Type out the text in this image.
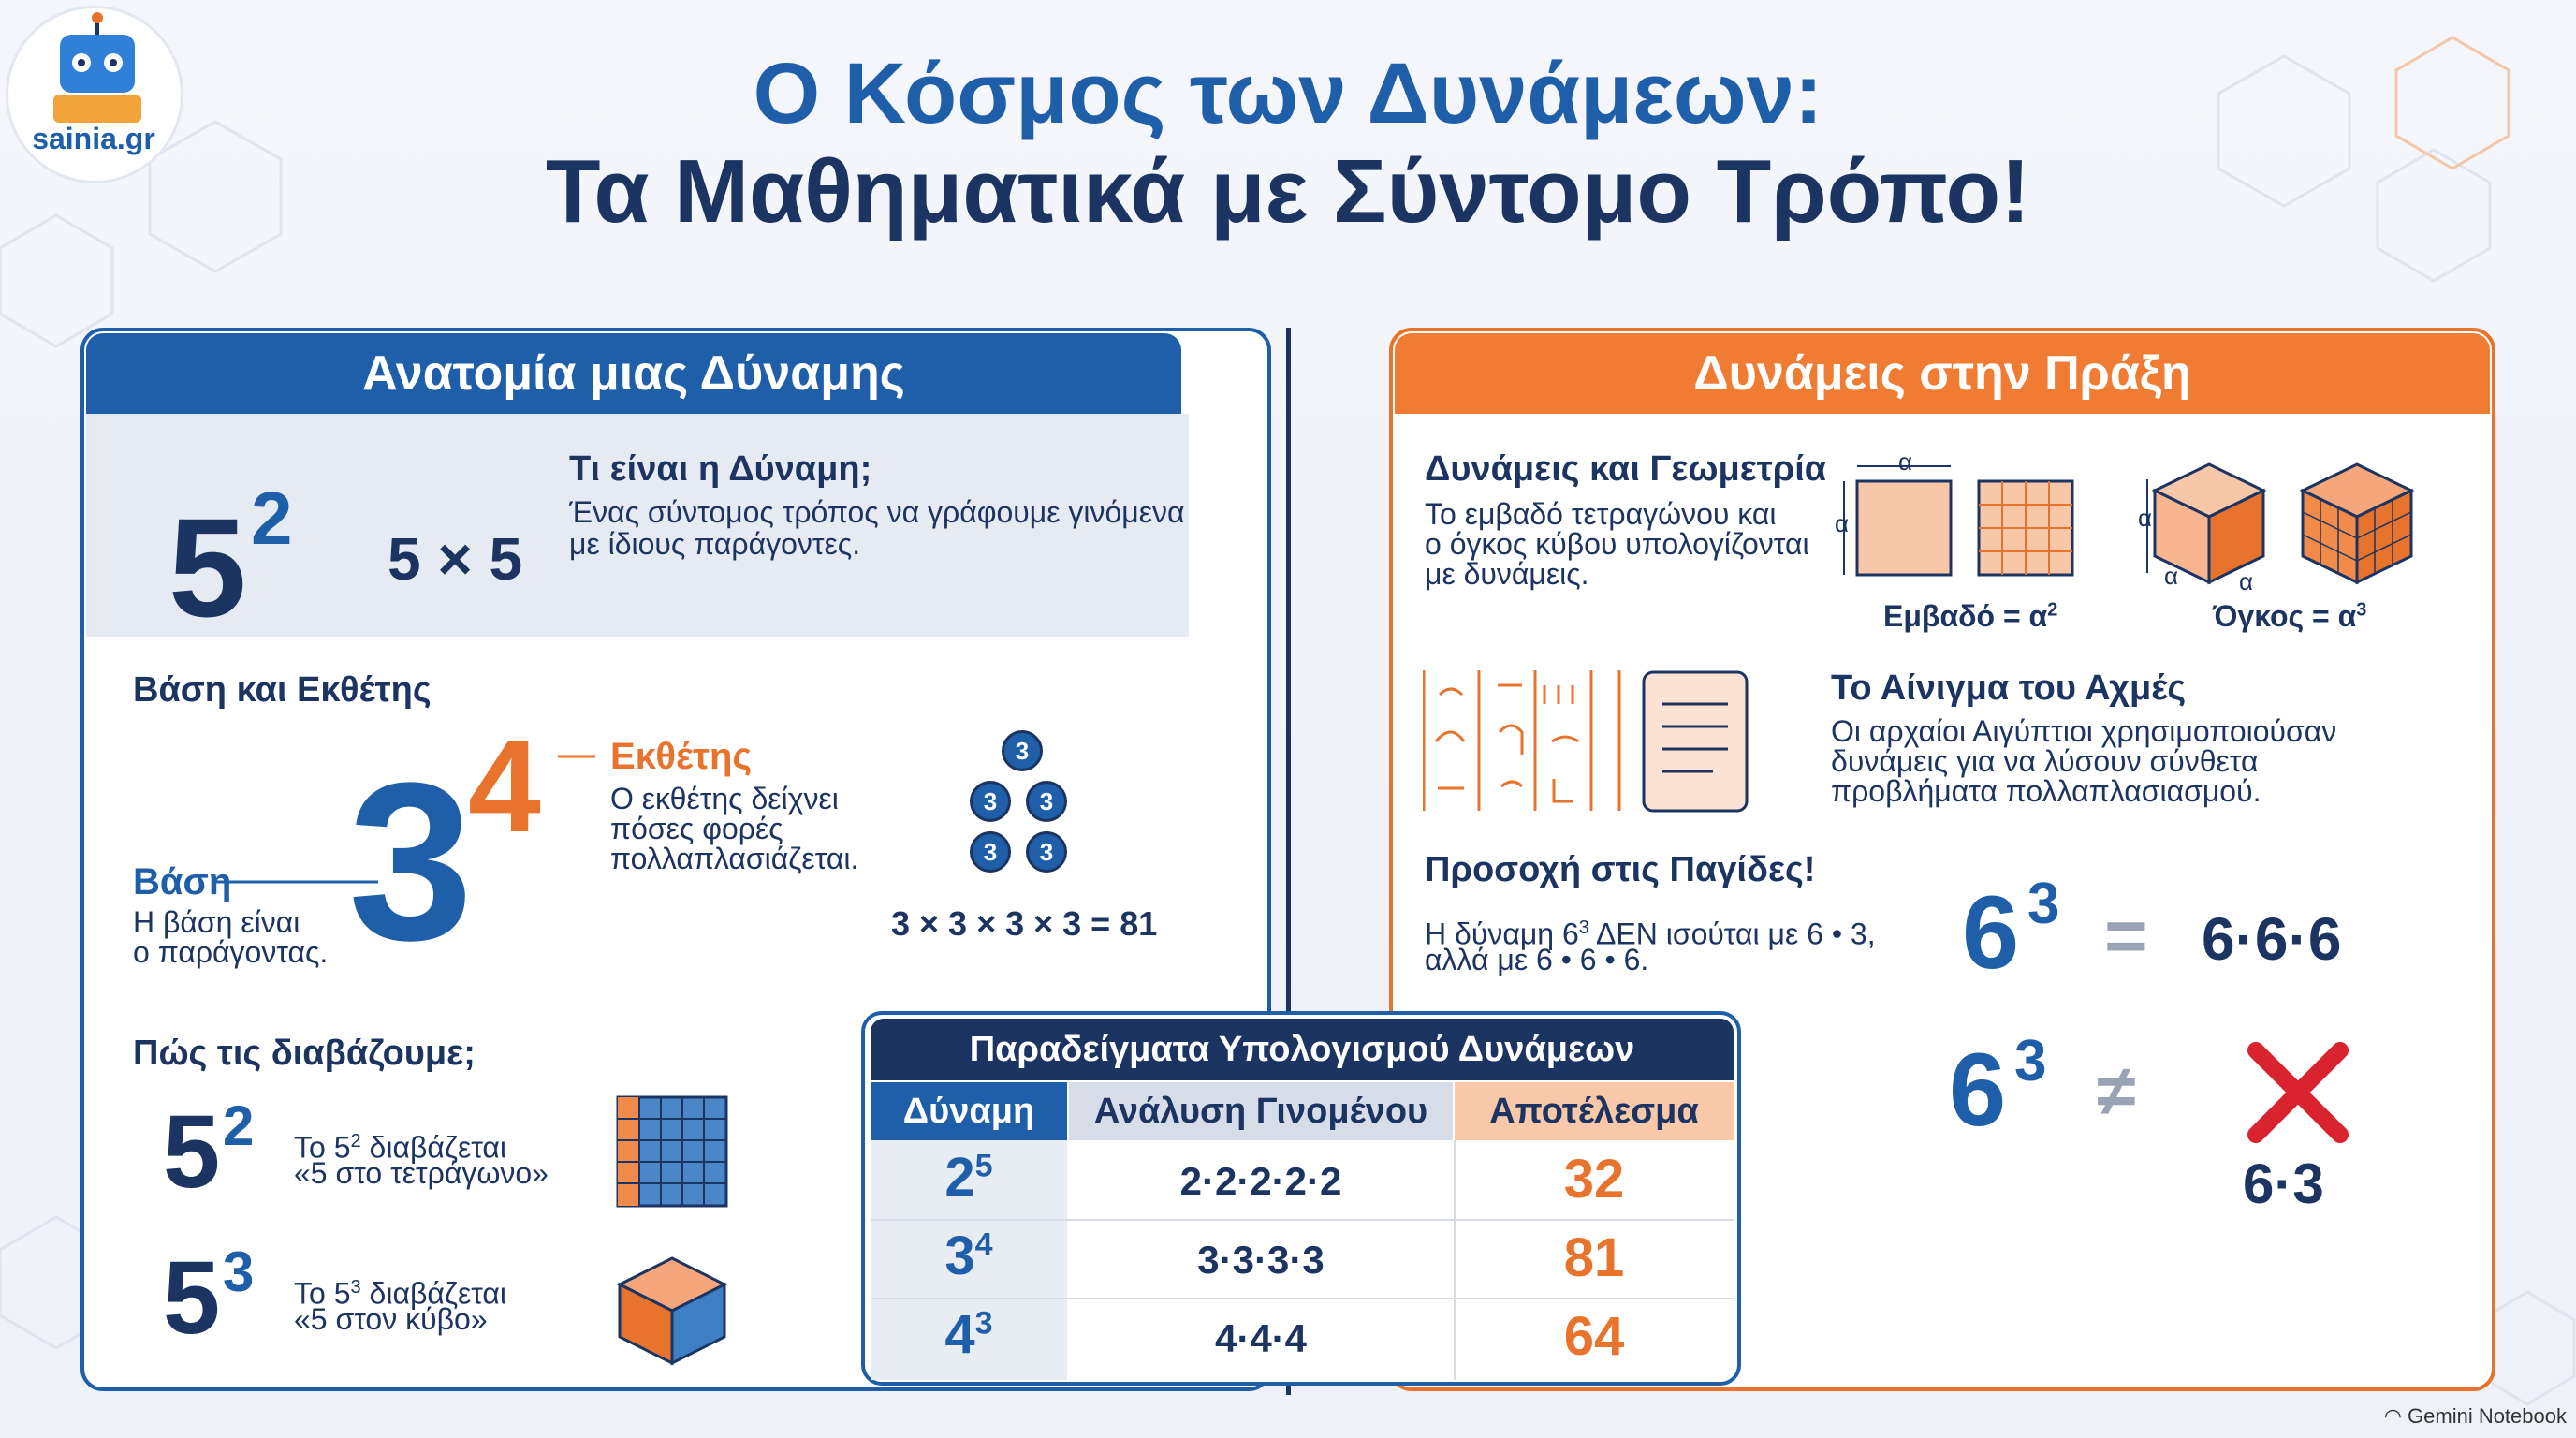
sainia.gr	Ο Κόσμος των Δυνάμεων:
Τα Μαθηματικά με Σύντομο Τρόπο!
Ανατομία μιας Δύναμης
5 2 5 × 5
Τι είναι η Δύναμη;
Ένας σύντομος τρόπος να γράφουμε γινόμενα
με ίδιους παράγοντες.
Βάση και Εκθέτης
3
4 Εκθέτης
Ο εκθέτης δείχνει
πόσες φορές
πολλαπλασιάζεται.
Βάση
Η βάση είναι
ο παράγοντας.
3
3	3
3	3
3 × 3 × 3 × 3 = 81
Πώς τις διαβάζουμε;
5 2 Το $5^2$ διαβάζεται
«5 στο τετράγωνο»
5 3 Το $5^3$ διαβάζεται
«5 στον κύβο»
Δυνάμεις στην Πράξη
Δυνάμεις και Γεωμετρία
Το εμβαδό τετραγώνου και
ο όγκος κύβου υπολογίζονται
με δυνάμεις.
α
α
$E\mu\beta\alpha\delta ό = \alpha^2$
α
α α
$Ό\gamma\kappa o\varsigma = \alpha^3$
Το Αίνιγμα του Αχμές
Οι αρχαίοι Αιγύπτιοι χρησιμοποιούσαν
δυνάμεις για να λύσουν σύνθετα
προβλήματα πολλαπλασιασμού.
Προσοχή στις Παγίδες!
Η δύναμη $6^3$ ΔΕΝ ισούται με 6 • 3,
αλλά με 6 • 6 • 6.	6 3 = 6·6·6
6 3 ≠
6·3
Παραδείγματα Υπολογισμού Δυνάμεων
Δύναμη	Ανάλυση Γινομένου	Αποτέλεσμα
$2^5$	2·2·2·2·2	32
$3^4$	3·3·3·3	81
$4^3$	4·4·4	64
◠ Gemini Notebook
